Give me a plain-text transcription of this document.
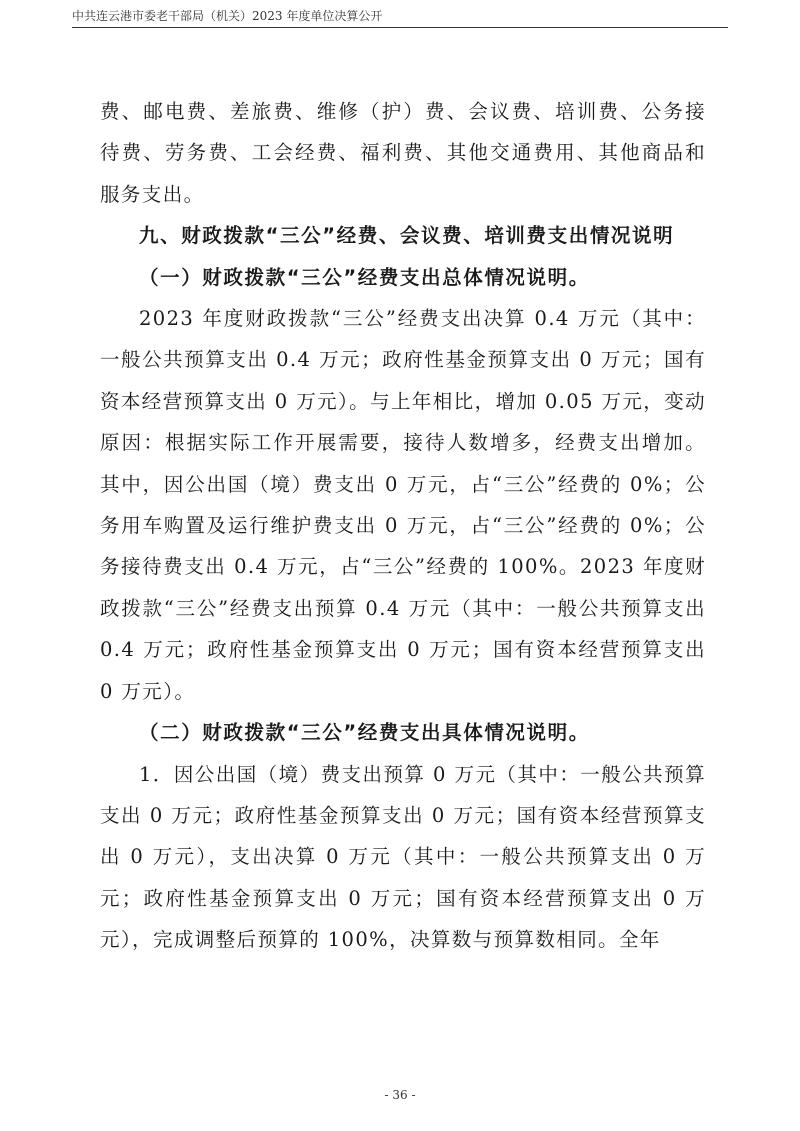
中共连云港市委老干部局（机关）2023 年度单位决算公开

费、邮电费、差旅费、维修（护）费、会议费、培训费、公务接待费、劳务费、工会经费、福利费、其他交通费用、其他商品和服务支出。

九、财政拨款“三公”经费、会议费、培训费支出情况说明

（一）财政拨款“三公”经费支出总体情况说明。

2023 年度财政拨款“三公”经费支出决算 0.4 万元（其中：一般公共预算支出 0.4 万元；政府性基金预算支出 0 万元；国有资本经营预算支出 0 万元）。与上年相比，增加 0.05 万元，变动原因：根据实际工作开展需要，接待人数增多，经费支出增加。其中，因公出国（境）费支出 0 万元，占“三公”经费的 0%；公务用车购置及运行维护费支出 0 万元，占“三公”经费的 0%；公务接待费支出 0.4 万元，占“三公”经费的 100%。2023 年度财政拨款“三公”经费支出预算 0.4 万元（其中：一般公共预算支出 0.4 万元；政府性基金预算支出 0 万元；国有资本经营预算支出 0 万元）。

（二）财政拨款“三公”经费支出具体情况说明。

1．因公出国（境）费支出预算 0 万元（其中：一般公共预算支出 0 万元；政府性基金预算支出 0 万元；国有资本经营预算支出 0 万元），支出决算 0 万元（其中：一般公共预算支出 0 万元；政府性基金预算支出 0 万元；国有资本经营预算支出 0 万元），完成调整后预算的 100%，决算数与预算数相同。全年

- 36 -
